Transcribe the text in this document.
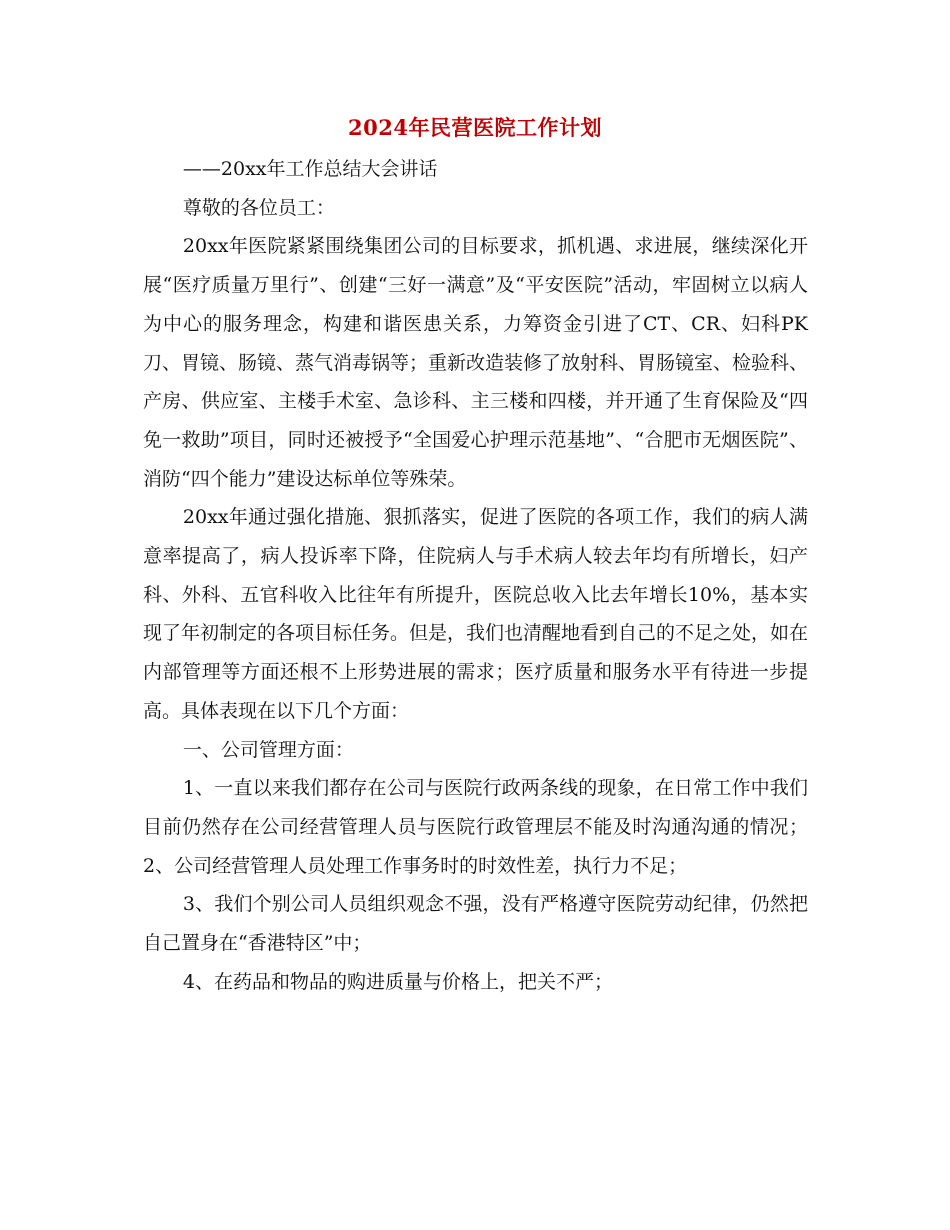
2024年民营医院工作计划

——20xx年工作总结大会讲话

尊敬的各位员工：

20xx年医院紧紧围绕集团公司的目标要求，抓机遇、求进展，继续深化开展“医疗质量万里行”、创建“三好一满意”及“平安医院”活动，牢固树立以病人为中心的服务理念，构建和谐医患关系，力筹资金引进了CT、CR、妇科PK刀、胃镜、肠镜、蒸气消毒锅等；重新改造装修了放射科、胃肠镜室、检验科、产房、供应室、主楼手术室、急诊科、主三楼和四楼，并开通了生育保险及“四免一救助”项目，同时还被授予“全国爱心护理示范基地”、“合肥市无烟医院”、消防“四个能力”建设达标单位等殊荣。

20xx年通过强化措施、狠抓落实，促进了医院的各项工作，我们的病人满意率提高了，病人投诉率下降，住院病人与手术病人较去年均有所增长，妇产科、外科、五官科收入比往年有所提升，医院总收入比去年增长10%，基本实现了年初制定的各项目标任务。但是，我们也清醒地看到自己的不足之处，如在内部管理等方面还根不上形势进展的需求；医疗质量和服务水平有待进一步提高。具体表现在以下几个方面：

一、公司管理方面：

1、一直以来我们都存在公司与医院行政两条线的现象，在日常工作中我们目前仍然存在公司经营管理人员与医院行政管理层不能及时沟通沟通的情况；2、公司经营管理人员处理工作事务时的时效性差，执行力不足；

3、我们个别公司人员组织观念不强，没有严格遵守医院劳动纪律，仍然把自己置身在“香港特区”中；

4、在药品和物品的购进质量与价格上，把关不严；
